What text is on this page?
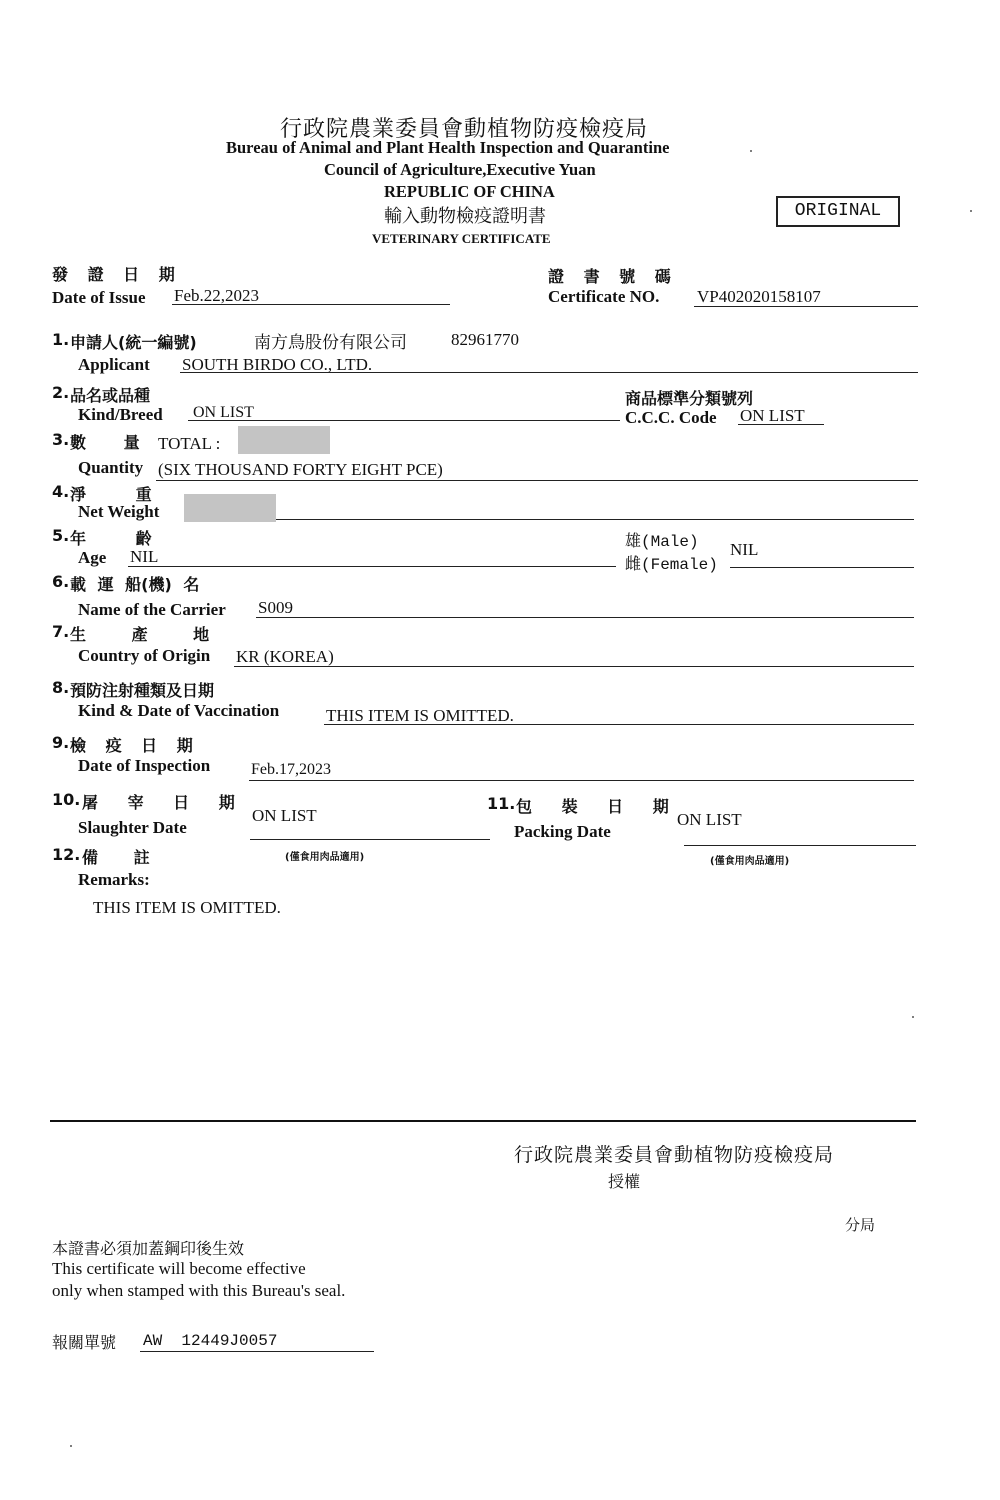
行政院農業委員會動植物防疫檢疫局
Bureau of Animal and Plant Health Inspection and Quarantine
Council of Agriculture,Executive Yuan
REPUBLIC OF CHINA
輸入動物檢疫證明書
VETERINARY CERTIFICATE
ORIGINAL
發 證 日 期
Date of Issue Feb.22,2023
證 書 號 碼
Certificate NO. VP402020158107
1. 申請人(統一編號)	南方鳥股份有限公司	82961770
Applicant SOUTH BIRDO CO., LTD.
2. 品名或品種
Kind/Breed ON LIST
商品標準分類號列
C.C.C. Code ON LIST
3. 數 量 TOTAL :
Quantity (SIX THOUSAND FORTY EIGHT PCE)
4. 淨 重
Net Weight
5. 年 齡
Age NIL
雄(Male)
雌(Female)
NIL
6. 載 運 船(機) 名
Name of the Carrier S009
7. 生 產 地
Country of Origin KR (KOREA)
8. 預防注射種類及日期
Kind & Date of Vaccination	THIS ITEM IS OMITTED.
9. 檢 疫 日 期
Date of Inspection	Feb.17,2023
10. 屠 宰 日 期
Slaughter Date
ON LIST
(僅食用肉品適用)
11. 包 裝 日 期
Packing Date
ON LIST
(僅食用肉品適用)
12. 備 註
Remarks:
THIS ITEM IS OMITTED.
行政院農業委員會動植物防疫檢疫局
授權
分局
本證書必須加蓋鋼印後生效
This certificate will become effective
only when stamped with this Bureau's seal.
報關單號 AW  12449J0057
